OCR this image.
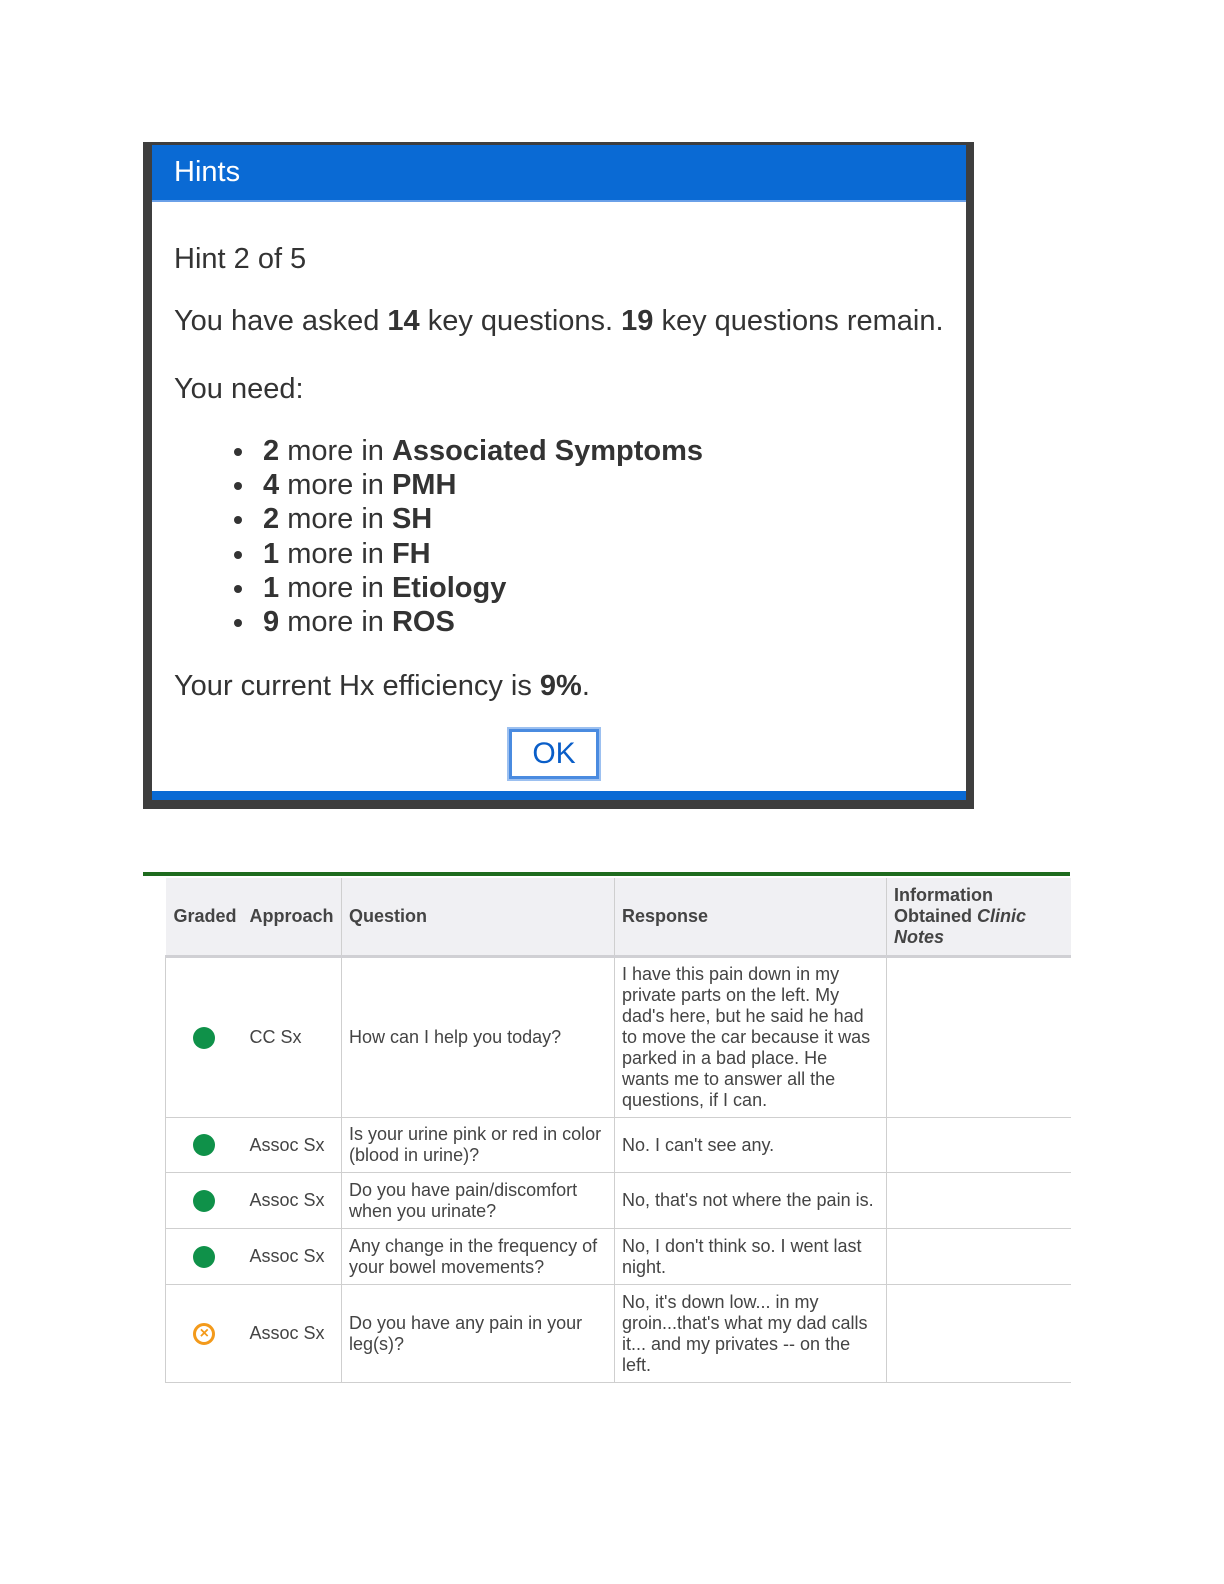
Hints
Hint 2 of 5
You have asked 14 key questions. 19 key questions remain.
You need:
2 more in Associated Symptoms
4 more in PMH
2 more in SH
1 more in FH
1 more in Etiology
9 more in ROS
Your current Hx efficiency is 9%.
OK
Graded	Approach	Question	Response	Information
Obtained Clinic Notes
	CC Sx	How can I help you today?	I have this pain down in my private parts on the left. My dad's here, but he said he had to move the car because it was parked in a bad place. He wants me to answer all the questions, if I can.	
	Assoc Sx	Is your urine pink or red in color (blood in urine)?	No. I can't see any.	
	Assoc Sx	Do you have pain/discomfort when you urinate?	No, that's not where the pain is.	
	Assoc Sx	Any change in the frequency of your bowel movements?	No, I don't think so. I went last night.	
×	Assoc Sx	Do you have any pain in your leg(s)?	No, it's down low... in my groin...that's what my dad calls it... and my privates -- on the left.	
